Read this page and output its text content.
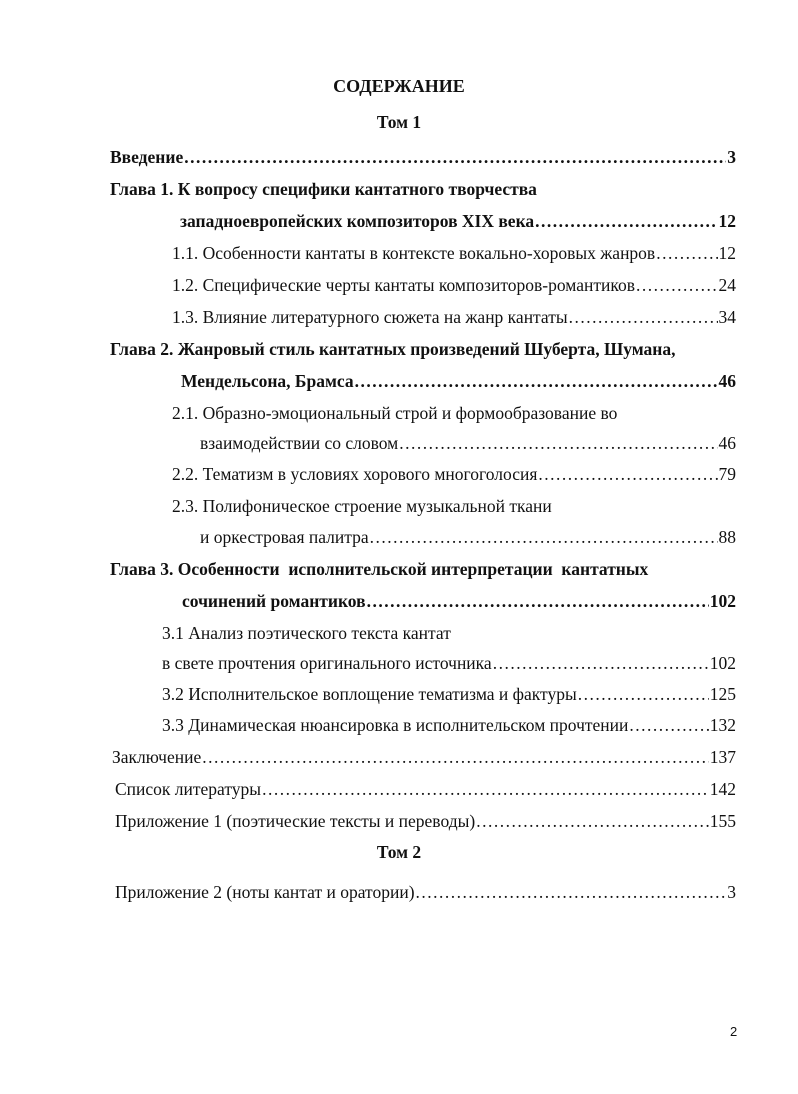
СОДЕРЖАНИЕ
Том 1
Введение .....	3
Глава 1. К вопросу специфики кантатного творчества
западноевропейских композиторов XIX века .....	12
1.1. Особенности кантаты в контексте вокально-хоровых жанров .....	12
1.2. Специфические черты кантаты композиторов-романтиков .....	24
1.3. Влияние литературного сюжета на жанр кантаты .....	34
Глава 2. Жанровый стиль кантатных произведений Шуберта, Шумана,
Мендельсона, Брамса .....	46
2.1. Образно-эмоциональный строй и формообразование во
взаимодействии со словом .....	46
2.2. Тематизм в условиях хорового многоголосия .....	79
2.3. Полифоническое строение музыкальной ткани
и оркестровая палитра .....	88
Глава 3. Особенности  исполнительской интерпретации  кантатных
сочинений романтиков .....	102
3.1 Анализ поэтического текста кантат
в свете прочтения оригинального источника .....	102
3.2 Исполнительское воплощение тематизма и фактуры .....	125
3.3 Динамическая нюансировка в исполнительском прочтении .....	132
Заключение .....	137
Список литературы .....	142
Приложение 1 (поэтические тексты и переводы) .....	155
Том 2
Приложение 2 (ноты кантат и оратории) .....	3
2
